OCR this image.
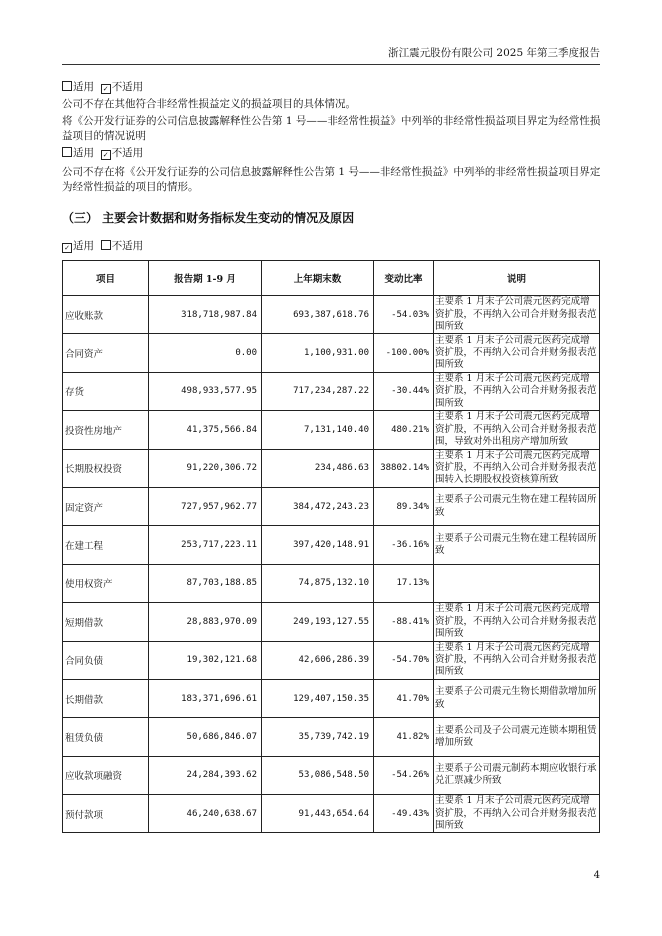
浙江震元股份有限公司 2025 年第三季度报告
适用 ✓ 不适用
公司不存在其他符合非经常性损益定义的损益项目的具体情况。
将《公开发行证券的公司信息披露解释性公告第 1 号——非经常性损益》中列举的非经常性损益项目界定为经常性损益项目的情况说明
适用 ✓ 不适用
公司不存在将《公开发行证券的公司信息披露解释性公告第 1 号——非经常性损益》中列举的非经常性损益项目界定为经常性损益的项目的情形。
（三） 主要会计数据和财务指标发生变动的情况及原因
✓ 适用 不适用
项目	报告期 1-9 月	上年期末数	变动比率	说明
应收账款	318,718,987.84	693,387,618.76	-54.03%	主要系 1 月末子公司震元医药完成增资扩股，不再纳入公司合并财务报表范围所致
合同资产	0.00	1,100,931.00	-100.00%	主要系 1 月末子公司震元医药完成增资扩股，不再纳入公司合并财务报表范围所致
存货	498,933,577.95	717,234,287.22	-30.44%	主要系 1 月末子公司震元医药完成增资扩股，不再纳入公司合并财务报表范围所致
投资性房地产	41,375,566.84	7,131,140.40	480.21%	主要系 1 月末子公司震元医药完成增资扩股，不再纳入公司合并财务报表范围，导致对外出租房产增加所致
长期股权投资	91,220,306.72	234,486.63	38802.14%	主要系 1 月末子公司震元医药完成增资扩股，不再纳入公司合并财务报表范围转入长期股权投资核算所致
固定资产	727,957,962.77	384,472,243.23	89.34%	主要系子公司震元生物在建工程转固所致
在建工程	253,717,223.11	397,420,148.91	-36.16%	主要系子公司震元生物在建工程转固所致
使用权资产	87,703,188.85	74,875,132.10	17.13%	
短期借款	28,883,970.09	249,193,127.55	-88.41%	主要系 1 月末子公司震元医药完成增资扩股，不再纳入公司合并财务报表范围所致
合同负债	19,302,121.68	42,606,286.39	-54.70%	主要系 1 月末子公司震元医药完成增资扩股，不再纳入公司合并财务报表范围所致
长期借款	183,371,696.61	129,407,150.35	41.70%	主要系子公司震元生物长期借款增加所致
租赁负债	50,686,846.07	35,739,742.19	41.82%	主要系公司及子公司震元连锁本期租赁增加所致
应收款项融资	24,284,393.62	53,086,548.50	-54.26%	主要系子公司震元制药本期应收银行承兑汇票减少所致
预付款项	46,240,638.67	91,443,654.64	-49.43%	主要系 1 月末子公司震元医药完成增资扩股，不再纳入公司合并财务报表范围所致
4
